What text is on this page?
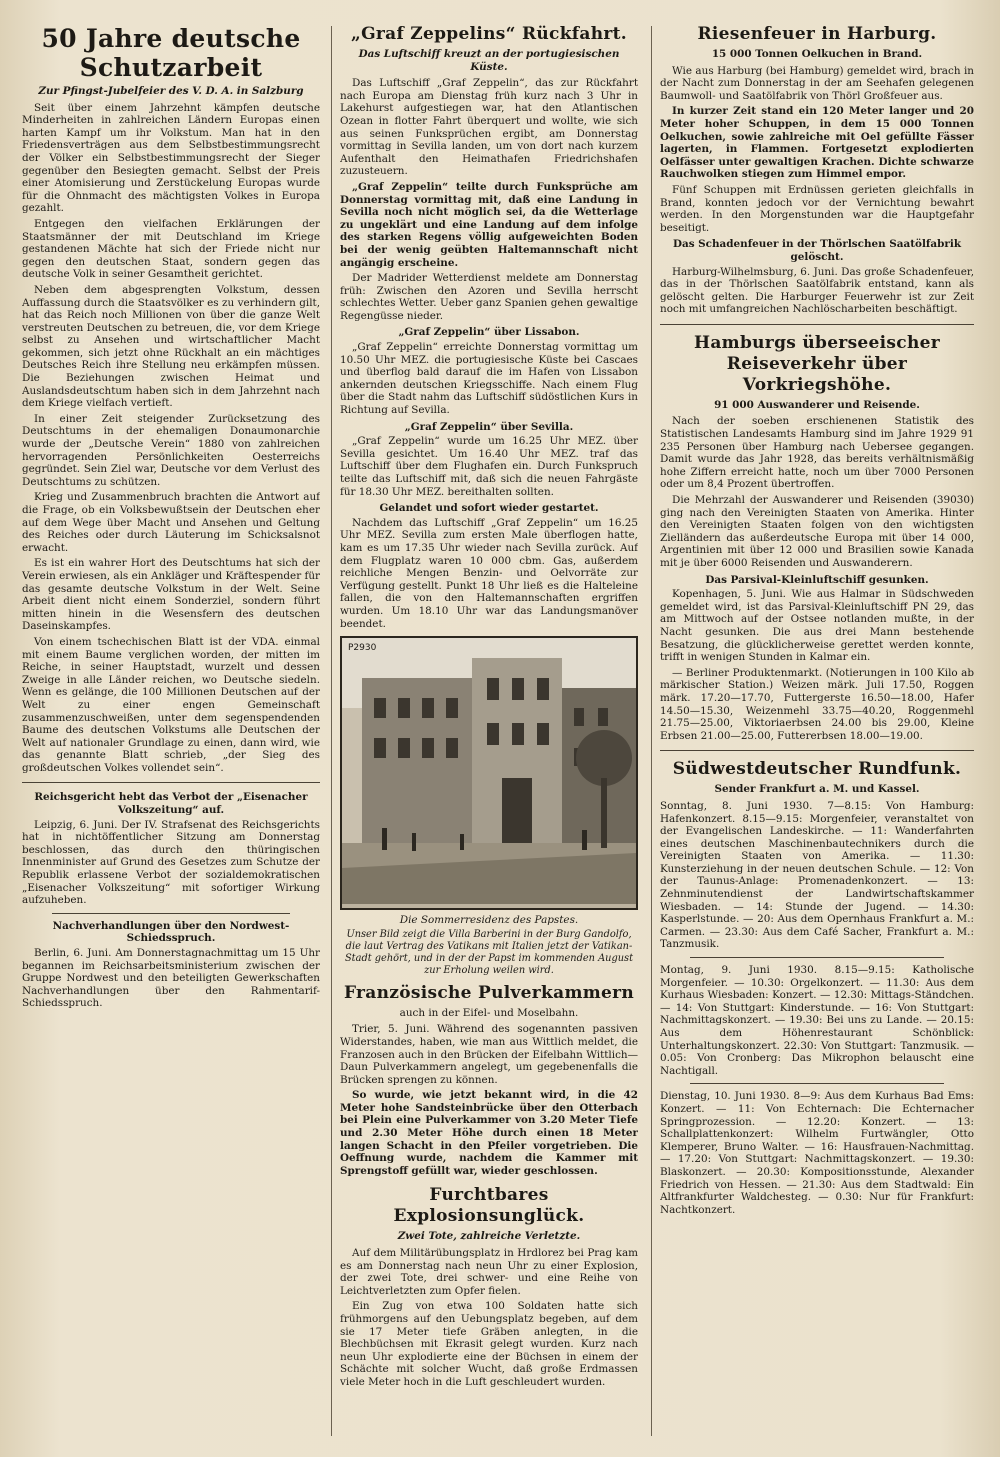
50 Jahre deutsche Schutzarbeit
Zur Pfingst-Jubelfeier des V. D. A. in Salzburg

Seit über einem Jahrzehnt kämpfen deutsche Minderheiten in zahlreichen Ländern Europas einen harten Kampf um ihr Volkstum. Man hat in den Friedensverträgen aus dem Selbstbestimmungsrecht der Völker ein Selbstbestimmungsrecht der Sieger gegenüber den Besiegten gemacht. Selbst der Preis einer Atomisierung und Zerstückelung Europas wurde für die Ohnmacht des mächtigsten Volkes in Europa gezahlt.

Entgegen den vielfachen Erklärungen der Staatsmänner der mit Deutschland im Kriege gestandenen Mächte hat sich der Friede nicht nur gegen den deutschen Staat, sondern gegen das deutsche Volk in seiner Gesamtheit gerichtet.

Neben dem abgesprengten Volkstum, dessen Auffassung durch die Staatsvölker es zu verhindern gilt, hat das Reich noch Millionen von über die ganze Welt verstreuten Deutschen zu betreuen, die, vor dem Kriege selbst zu Ansehen und wirtschaftlicher Macht gekommen, sich jetzt ohne Rückhalt an ein mächtiges Deutsches Reich ihre Stellung neu erkämpfen müssen. Die Beziehungen zwischen Heimat und Auslandsdeutschtum haben sich in dem Jahrzehnt nach dem Kriege vielfach vertieft.

In einer Zeit steigender Zurücksetzung des Deutschtums in der ehemaligen Donaumonarchie wurde der „Deutsche Verein“ 1880 von zahlreichen hervorragenden Persönlichkeiten Oesterreichs gegründet. Sein Ziel war, Deutsche vor dem Verlust des Deutschtums zu schützen.

Krieg und Zusammenbruch brachten die Antwort auf die Frage, ob ein Volksbewußtsein der Deutschen eher auf dem Wege über Macht und Ansehen und Geltung des Reiches oder durch Läuterung im Schicksalsnot erwacht.

Es ist ein wahrer Hort des Deutschtums hat sich der Verein erwiesen, als ein Ankläger und Kräftespender für das gesamte deutsche Volkstum in der Welt. Seine Arbeit dient nicht einem Sonderziel, sondern führt mitten hinein in die Wesensfern des deutschen Daseinskampfes.

Von einem tschechischen Blatt ist der VDA. einmal mit einem Baume verglichen worden, der mitten im Reiche, in seiner Hauptstadt, wurzelt und dessen Zweige in alle Länder reichen, wo Deutsche siedeln. Wenn es gelänge, die 100 Millionen Deutschen auf der Welt zu einer engen Gemeinschaft zusammenzuschweißen, unter dem segenspendenden Baume des deutschen Volkstums alle Deutschen der Welt auf nationaler Grundlage zu einen, dann wird, wie das genannte Blatt schrieb, „der Sieg des großdeutschen Volkes vollendet sein“.

Reichsgericht hebt das Verbot der „Eisenacher Volkszeitung“ auf.

Leipzig, 6. Juni. Der IV. Strafsenat des Reichsgerichts hat in nichtöffentlicher Sitzung am Donnerstag beschlossen, das durch den thüringischen Innenminister auf Grund des Gesetzes zum Schutze der Republik erlassene Verbot der sozialdemokratischen „Eisenacher Volkszeitung“ mit sofortiger Wirkung aufzuheben.

Nachverhandlungen über den Nordwest-Schiedsspruch.

Berlin, 6. Juni. Am Donnerstagnachmittag um 15 Uhr begannen im Reichsarbeitsministerium zwischen der Gruppe Nordwest und den beteiligten Gewerkschaften Nachverhandlungen über den Rahmentarif-Schiedsspruch.

„Graf Zeppelins“ Rückfahrt.
Das Luftschiff kreuzt an der portugiesischen Küste.

Das Luftschiff „Graf Zeppelin“, das zur Rückfahrt nach Europa am Dienstag früh kurz nach 3 Uhr in Lakehurst aufgestiegen war, hat den Atlantischen Ozean in flotter Fahrt überquert und wollte, wie sich aus seinen Funksprüchen ergibt, am Donnerstag vormittag in Sevilla landen, um von dort nach kurzem Aufenthalt den Heimathafen Friedrichshafen zuzusteuern.

„Graf Zeppelin“ teilte durch Funksprüche am Donnerstag vormittag mit, daß eine Landung in Sevilla noch nicht möglich sei, da die Wetterlage zu ungeklärt und eine Landung auf dem infolge des starken Regens völlig aufgeweichten Boden bei der wenig geübten Haltemannschaft nicht angängig erscheine.

Der Madrider Wetterdienst meldete am Donnerstag früh: Zwischen den Azoren und Sevilla herrscht schlechtes Wetter. Ueber ganz Spanien gehen gewaltige Regengüsse nieder.

„Graf Zeppelin“ über Lissabon.

„Graf Zeppelin“ erreichte Donnerstag vormittag um 10.50 Uhr MEZ. die portugiesische Küste bei Cascaes und überflog bald darauf die im Hafen von Lissabon ankernden deutschen Kriegsschiffe. Nach einem Flug über die Stadt nahm das Luftschiff südöstlichen Kurs in Richtung auf Sevilla.

„Graf Zeppelin“ über Sevilla.

„Graf Zeppelin“ wurde um 16.25 Uhr MEZ. über Sevilla gesichtet. Um 16.40 Uhr MEZ. traf das Luftschiff über dem Flughafen ein. Durch Funkspruch teilte das Luftschiff mit, daß sich die neuen Fahrgäste für 18.30 Uhr MEZ. bereithalten sollten.

Gelandet und sofort wieder gestartet.

Nachdem das Luftschiff „Graf Zeppelin“ um 16.25 Uhr MEZ. Sevilla zum ersten Male überflogen hatte, kam es um 17.35 Uhr wieder nach Sevilla zurück. Auf dem Flugplatz waren 10 000 cbm. Gas, außerdem reichliche Mengen Benzin- und Oelvorräte zur Verfügung gestellt. Punkt 18 Uhr ließ es die Halteleine fallen, die von den Haltemannschaften ergriffen wurden. Um 18.10 Uhr war das Landungsmanöver beendet.

P2930
Die Sommerresidenz des Papstes.
Unser Bild zeigt die Villa Barberini in der Burg Gandolfo, die laut Vertrag des Vatikans mit Italien jetzt der Vatikan-Stadt gehört, und in der der Papst im kommenden August zur Erholung weilen wird.
Französische Pulverkammern
auch in der Eifel- und Moselbahn.

Trier, 5. Juni. Während des sogenannten passiven Widerstandes, haben, wie man aus Wittlich meldet, die Franzosen auch in den Brücken der Eifelbahn Wittlich—Daun Pulverkammern angelegt, um gegebenenfalls die Brücken sprengen zu können.

So wurde, wie jetzt bekannt wird, in die 42 Meter hohe Sandsteinbrücke über den Otterbach bei Plein eine Pulverkammer von 3.20 Meter Tiefe und 2.30 Meter Höhe durch einen 18 Meter langen Schacht in den Pfeiler vorgetrieben. Die Oeffnung wurde, nachdem die Kammer mit Sprengstoff gefüllt war, wieder geschlossen.

Furchtbares Explosionsunglück.
Zwei Tote, zahlreiche Verletzte.

Auf dem Militärübungsplatz in Hrdlorez bei Prag kam es am Donnerstag nach neun Uhr zu einer Explosion, der zwei Tote, drei schwer- und eine Reihe von Leichtverletzten zum Opfer fielen.

Ein Zug von etwa 100 Soldaten hatte sich frühmorgens auf den Uebungsplatz begeben, auf dem sie 17 Meter tiefe Gräben anlegten, in die Blechbüchsen mit Ekrasit gelegt wurden. Kurz nach neun Uhr explodierte eine der Büchsen in einem der Schächte mit solcher Wucht, daß große Erdmassen viele Meter hoch in die Luft geschleudert wurden.

Riesenfeuer in Harburg.
15 000 Tonnen Oelkuchen in Brand.

Wie aus Harburg (bei Hamburg) gemeldet wird, brach in der Nacht zum Donnerstag in der am Seehafen gelegenen Baumwoll- und Saatölfabrik von Thörl Großfeuer aus.

In kurzer Zeit stand ein 120 Meter langer und 20 Meter hoher Schuppen, in dem 15 000 Tonnen Oelkuchen, sowie zahlreiche mit Oel gefüllte Fässer lagerten, in Flammen. Fortgesetzt explodierten Oelfässer unter gewaltigen Krachen. Dichte schwarze Rauchwolken stiegen zum Himmel empor.

Fünf Schuppen mit Erdnüssen gerieten gleichfalls in Brand, konnten jedoch vor der Vernichtung bewahrt werden. In den Morgenstunden war die Hauptgefahr beseitigt.

Das Schadenfeuer in der Thörlschen Saatölfabrik gelöscht.

Harburg-Wilhelmsburg, 6. Juni. Das große Schadenfeuer, das in der Thörlschen Saatölfabrik entstand, kann als gelöscht gelten. Die Harburger Feuerwehr ist zur Zeit noch mit umfangreichen Nachlöscharbeiten beschäftigt.

Hamburgs überseeischer Reiseverkehr über Vorkriegshöhe.
91 000 Auswanderer und Reisende.

Nach der soeben erschienenen Statistik des Statistischen Landesamts Hamburg sind im Jahre 1929 91 235 Personen über Hamburg nach Uebersee gegangen. Damit wurde das Jahr 1928, das bereits verhältnismäßig hohe Ziffern erreicht hatte, noch um über 7000 Personen oder um 8,4 Prozent übertroffen.

Die Mehrzahl der Auswanderer und Reisenden (39030) ging nach den Vereinigten Staaten von Amerika. Hinter den Vereinigten Staaten folgen von den wichtigsten Zielländern das außerdeutsche Europa mit über 14 000, Argentinien mit über 12 000 und Brasilien sowie Kanada mit je über 6000 Reisenden und Auswanderern.

Das Parsival-Kleinluftschiff gesunken.

Kopenhagen, 5. Juni. Wie aus Halmar in Südschweden gemeldet wird, ist das Parsival-Kleinluftschiff PN 29, das am Mittwoch auf der Ostsee notlanden mußte, in der Nacht gesunken. Die aus drei Mann bestehende Besatzung, die glücklicherweise gerettet werden konnte, trifft in wenigen Stunden in Kalmar ein.

— Berliner Produktenmarkt. (Notierungen in 100 Kilo ab märkischer Station.) Weizen märk. Juli 17.50, Roggen märk. 17.20—17.70, Futtergerste 16.50—18.00, Hafer 14.50—15.30, Weizenmehl 33.75—40.20, Roggenmehl 21.75—25.00, Viktoriaerbsen 24.00 bis 29.00, Kleine Erbsen 21.00—25.00, Futtererbsen 18.00—19.00.

Südwestdeutscher Rundfunk.
Sender Frankfurt a. M. und Kassel.

Sonntag, 8. Juni 1930. 7—8.15: Von Hamburg: Hafenkonzert. 8.15—9.15: Morgenfeier, veranstaltet von der Evangelischen Landeskirche. — 11: Wanderfahrten eines deutschen Maschinenbautechnikers durch die Vereinigten Staaten von Amerika. — 11.30: Kunsterziehung in der neuen deutschen Schule. — 12: Von der Taunus-Anlage: Promenadenkonzert. — 13: Zehnminutendienst der Landwirtschaftskammer Wiesbaden. — 14: Stunde der Jugend. — 14.30: Kasperlstunde. — 20: Aus dem Opernhaus Frankfurt a. M.: Carmen. — 23.30: Aus dem Café Sacher, Frankfurt a. M.: Tanzmusik.

Montag, 9. Juni 1930. 8.15—9.15: Katholische Morgenfeier. — 10.30: Orgelkonzert. — 11.30: Aus dem Kurhaus Wiesbaden: Konzert. — 12.30: Mittags-Ständchen. — 14: Von Stuttgart: Kinderstunde. — 16: Von Stuttgart: Nachmittagskonzert. — 19.30: Bei uns zu Lande. — 20.15: Aus dem Höhenrestaurant Schönblick: Unterhaltungskonzert. 22.30: Von Stuttgart: Tanzmusik. — 0.05: Von Cronberg: Das Mikrophon belauscht eine Nachtigall.

Dienstag, 10. Juni 1930. 8—9: Aus dem Kurhaus Bad Ems: Konzert. — 11: Von Echternach: Die Echternacher Springprozession. — 12.20: Konzert. — 13: Schallplattenkonzert: Wilhelm Furtwängler, Otto Klemperer, Bruno Walter. — 16: Hausfrauen-Nachmittag. — 17.20: Von Stuttgart: Nachmittagskonzert. — 19.30: Blaskonzert. — 20.30: Kompositionsstunde, Alexander Friedrich von Hessen. — 21.30: Aus dem Stadtwald: Ein Altfrankfurter Waldchesteg. — 0.30: Nur für Frankfurt: Nachtkonzert.
